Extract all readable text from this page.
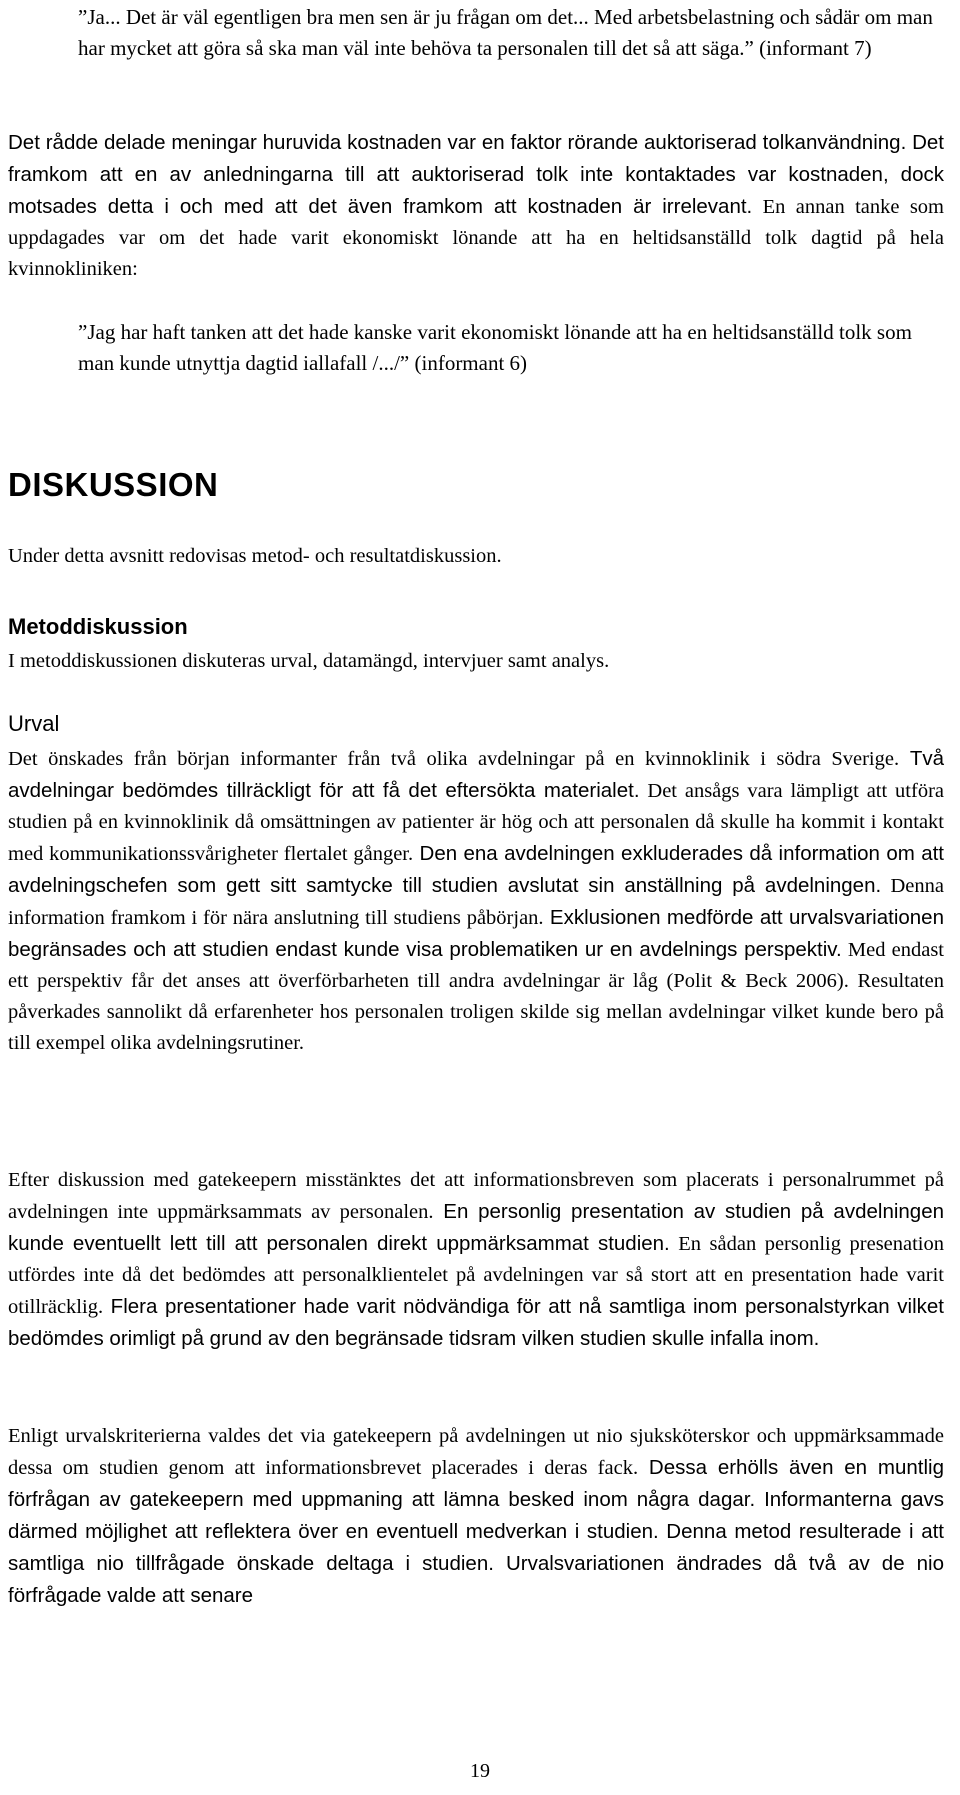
”Ja... Det är väl egentligen bra men sen är ju frågan om det... Med arbetsbelastning och sådär om man har mycket att göra så ska man väl inte behöva ta personalen till det så att säga.” (informant 7)
Det rådde delade meningar huruvida kostnaden var en faktor rörande auktoriserad tolkanvändning. Det framkom att en av anledningarna till att auktoriserad tolk inte kontaktades var kostnaden, dock motsades detta i och med att det även framkom att kostnaden är irrelevant. En annan tanke som uppdagades var om det hade varit ekonomiskt lönande att ha en heltidsanställd tolk dagtid på hela kvinnokliniken:
”Jag har haft tanken att det hade kanske varit ekonomiskt lönande att ha en heltidsanställd tolk som man kunde utnyttja dagtid iallafall /.../” (informant 6)
DISKUSSION
Under detta avsnitt redovisas metod- och resultatdiskussion.
Metoddiskussion
I metoddiskussionen diskuteras urval, datamängd, intervjuer samt analys.
Urval
Det önskades från början informanter från två olika avdelningar på en kvinnoklinik i södra Sverige. Två avdelningar bedömdes tillräckligt för att få det eftersökta materialet. Det ansågs vara lämpligt att utföra studien på en kvinnoklinik då omsättningen av patienter är hög och att personalen då skulle ha kommit i kontakt med kommunikationssvårigheter flertalet gånger. Den ena avdelningen exkluderades då information om att avdelningschefen som gett sitt samtycke till studien avslutat sin anställning på avdelningen. Denna information framkom i för nära anslutning till studiens påbörjan. Exklusionen medförde att urvalsvariationen begränsades och att studien endast kunde visa problematiken ur en avdelnings perspektiv. Med endast ett perspektiv får det anses att överförbarheten till andra avdelningar är låg (Polit & Beck 2006). Resultaten påverkades sannolikt då erfarenheter hos personalen troligen skilde sig mellan avdelningar vilket kunde bero på till exempel olika avdelningsrutiner.
Efter diskussion med gatekeepern misstänktes det att informationsbreven som placerats i personalrummet på avdelningen inte uppmärksammats av personalen. En personlig presentation av studien på avdelningen kunde eventuellt lett till att personalen direkt uppmärksammat studien. En sådan personlig presenation utfördes inte då det bedömdes att personalklientelet på avdelningen var så stort att en presentation hade varit otillräcklig. Flera presentationer hade varit nödvändiga för att nå samtliga inom personalstyrkan vilket bedömdes orimligt på grund av den begränsade tidsram vilken studien skulle infalla inom.
Enligt urvalskriterierna valdes det via gatekeepern på avdelningen ut nio sjuksköterskor och uppmärksammade dessa om studien genom att informationsbrevet placerades i deras fack. Dessa erhölls även en muntlig förfrågan av gatekeepern med uppmaning att lämna besked inom några dagar. Informanterna gavs därmed möjlighet att reflektera över en eventuell medverkan i studien. Denna metod resulterade i att samtliga nio tillfrågade önskade deltaga i studien. Urvalsvariationen ändrades då två av de nio förfrågade valde att senare
19
